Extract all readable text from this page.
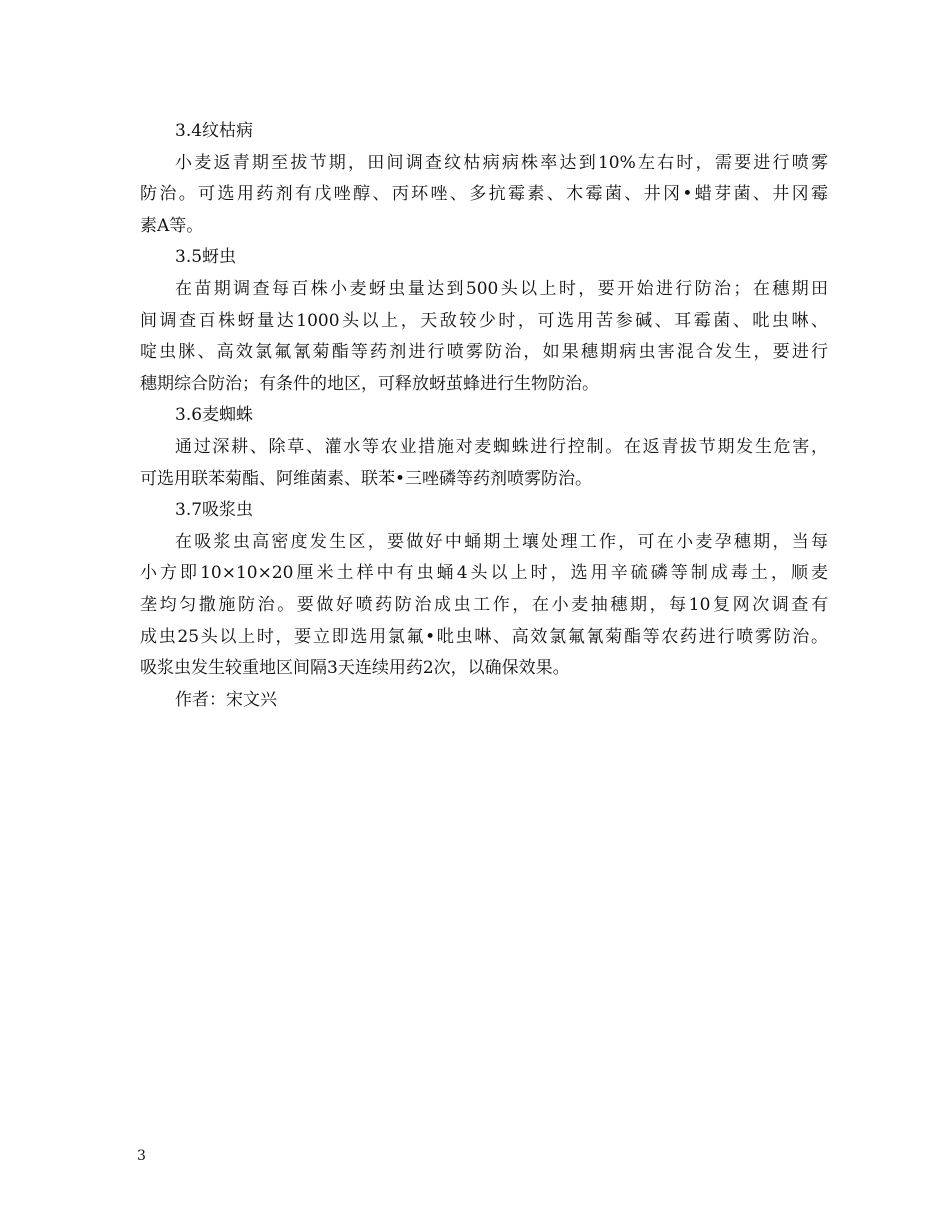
3.4纹枯病
小麦返青期至拔节期，田间调查纹枯病病株率达到10%左右时，需要进行喷雾
防治。可选用药剂有戊唑醇、丙环唑、多抗霉素、木霉菌、井冈•蜡芽菌、井冈霉
素A等。
3.5蚜虫
在苗期调查每百株小麦蚜虫量达到500头以上时，要开始进行防治；在穗期田
间调查百株蚜量达1000头以上，天敌较少时，可选用苦参碱、耳霉菌、吡虫啉、
啶虫脒、高效氯氟氰菊酯等药剂进行喷雾防治，如果穗期病虫害混合发生，要进行
穗期综合防治；有条件的地区，可释放蚜茧蜂进行生物防治。
3.6麦蜘蛛
通过深耕、除草、灌水等农业措施对麦蜘蛛进行控制。在返青拔节期发生危害，
可选用联苯菊酯、阿维菌素、联苯•三唑磷等药剂喷雾防治。
3.7吸浆虫
在吸浆虫高密度发生区，要做好中蛹期土壤处理工作，可在小麦孕穗期，当每
小方即10×10×20厘米土样中有虫蛹4头以上时，选用辛硫磷等制成毒土，顺麦
垄均匀撒施防治。要做好喷药防治成虫工作，在小麦抽穗期，每10复网次调查有
成虫25头以上时，要立即选用氯氟•吡虫啉、高效氯氟氰菊酯等农药进行喷雾防治。
吸浆虫发生较重地区间隔3天连续用药2次，以确保效果。
作者：宋文兴
3
